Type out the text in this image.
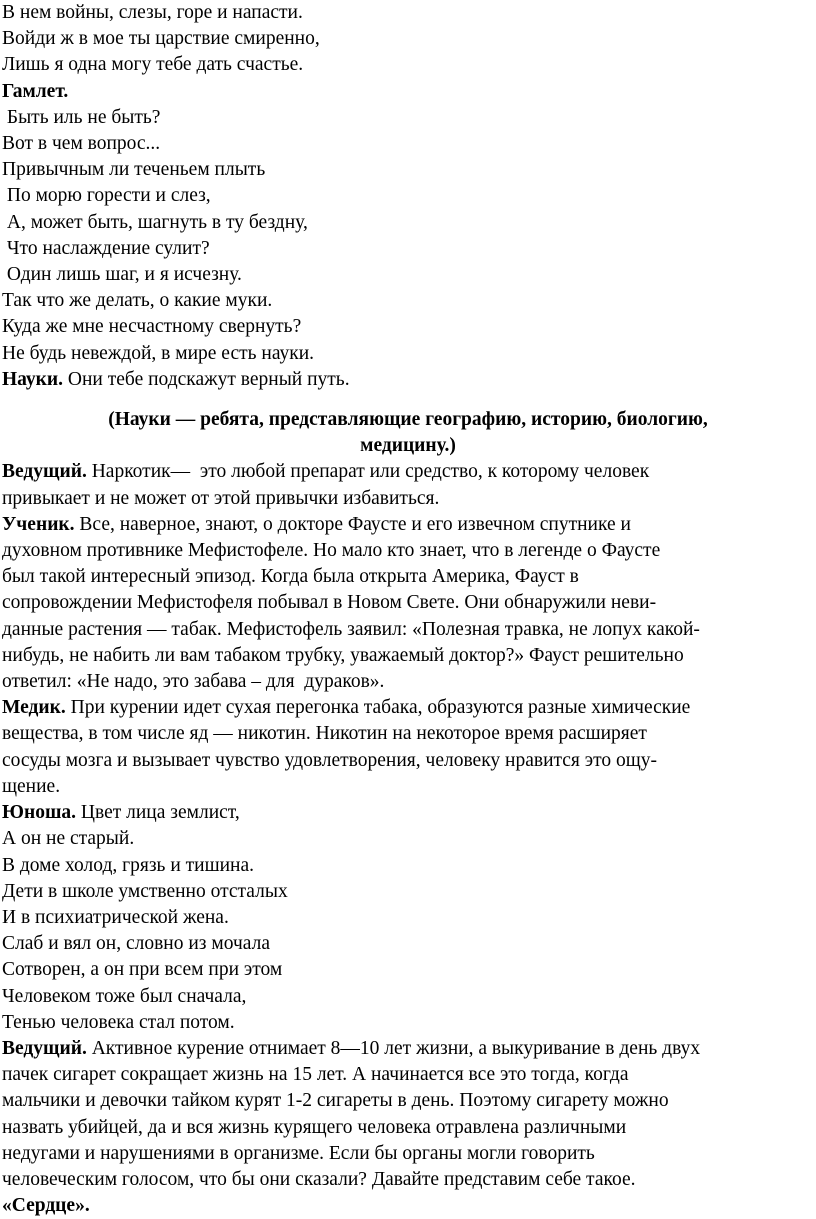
В нем войны, слезы, горе и напасти.
Войди ж в мое ты царствие смиренно,
Лишь я одна могу тебе дать счастье.
Гамлет.
Быть иль не быть?
Вот в чем вопрос...
Привычным ли теченьем плыть
По морю горести и слез,
А, может быть, шагнуть в ту бездну,
Что наслаждение сулит?
Один лишь шаг, и я исчезну.
Так что же делать, о какие муки.
Куда же мне несчастному свернуть?
Не будь невеждой, в мире есть науки.
Науки. Они тебе подскажут верный путь.
(Науки — ребята, представляющие географию, историю, биологию,
медицину.)
Ведущий. Наркотик—  это любой препарат или средство, к которому человек
привыкает и не может от этой привычки избавиться.
Ученик. Все, наверное, знают, о докторе Фаусте и его извечном спутнике и
духовном противнике Мефистофеле. Но мало кто знает, что в легенде о Фаусте
был такой интересный эпизод. Когда была открыта Америка, Фауст в
сопровождении Мефистофеля побывал в Новом Свете. Они обнаружили неви-
данные растения — табак. Мефистофель заявил: «Полезная травка, не лопух какой-
нибудь, не набить ли вам табаком трубку, уважаемый доктор?» Фауст решительно
ответил: «Не надо, это забава – для  дураков».
Медик. При курении идет сухая перегонка табака, образуются разные химические
вещества, в том числе яд — никотин. Никотин на некоторое время расширяет
сосуды мозга и вызывает чувство удовлетворения, человеку нравится это ощу-
щение.
Юноша. Цвет лица землист,
А он не старый.
В доме холод, грязь и тишина.
Дети в школе умственно отсталых
И в психиатрической жена.
Слаб и вял он, словно из мочала
Сотворен, а он при всем при этом
Человеком тоже был сначала,
Тенью человека стал потом.
Ведущий. Активное курение отнимает 8—10 лет жизни, а выкуривание в день двух
пачек сигарет сокращает жизнь на 15 лет. А начинается все это тогда, когда
мальчики и девочки тайком курят 1-2 сигареты в день. Поэтому сигарету можно
назвать убийцей, да и вся жизнь курящего человека отравлена различными
недугами и нарушениями в организме. Если бы органы могли говорить
человеческим голосом, что бы они сказали? Давайте представим себе такое.
«Сердце».
